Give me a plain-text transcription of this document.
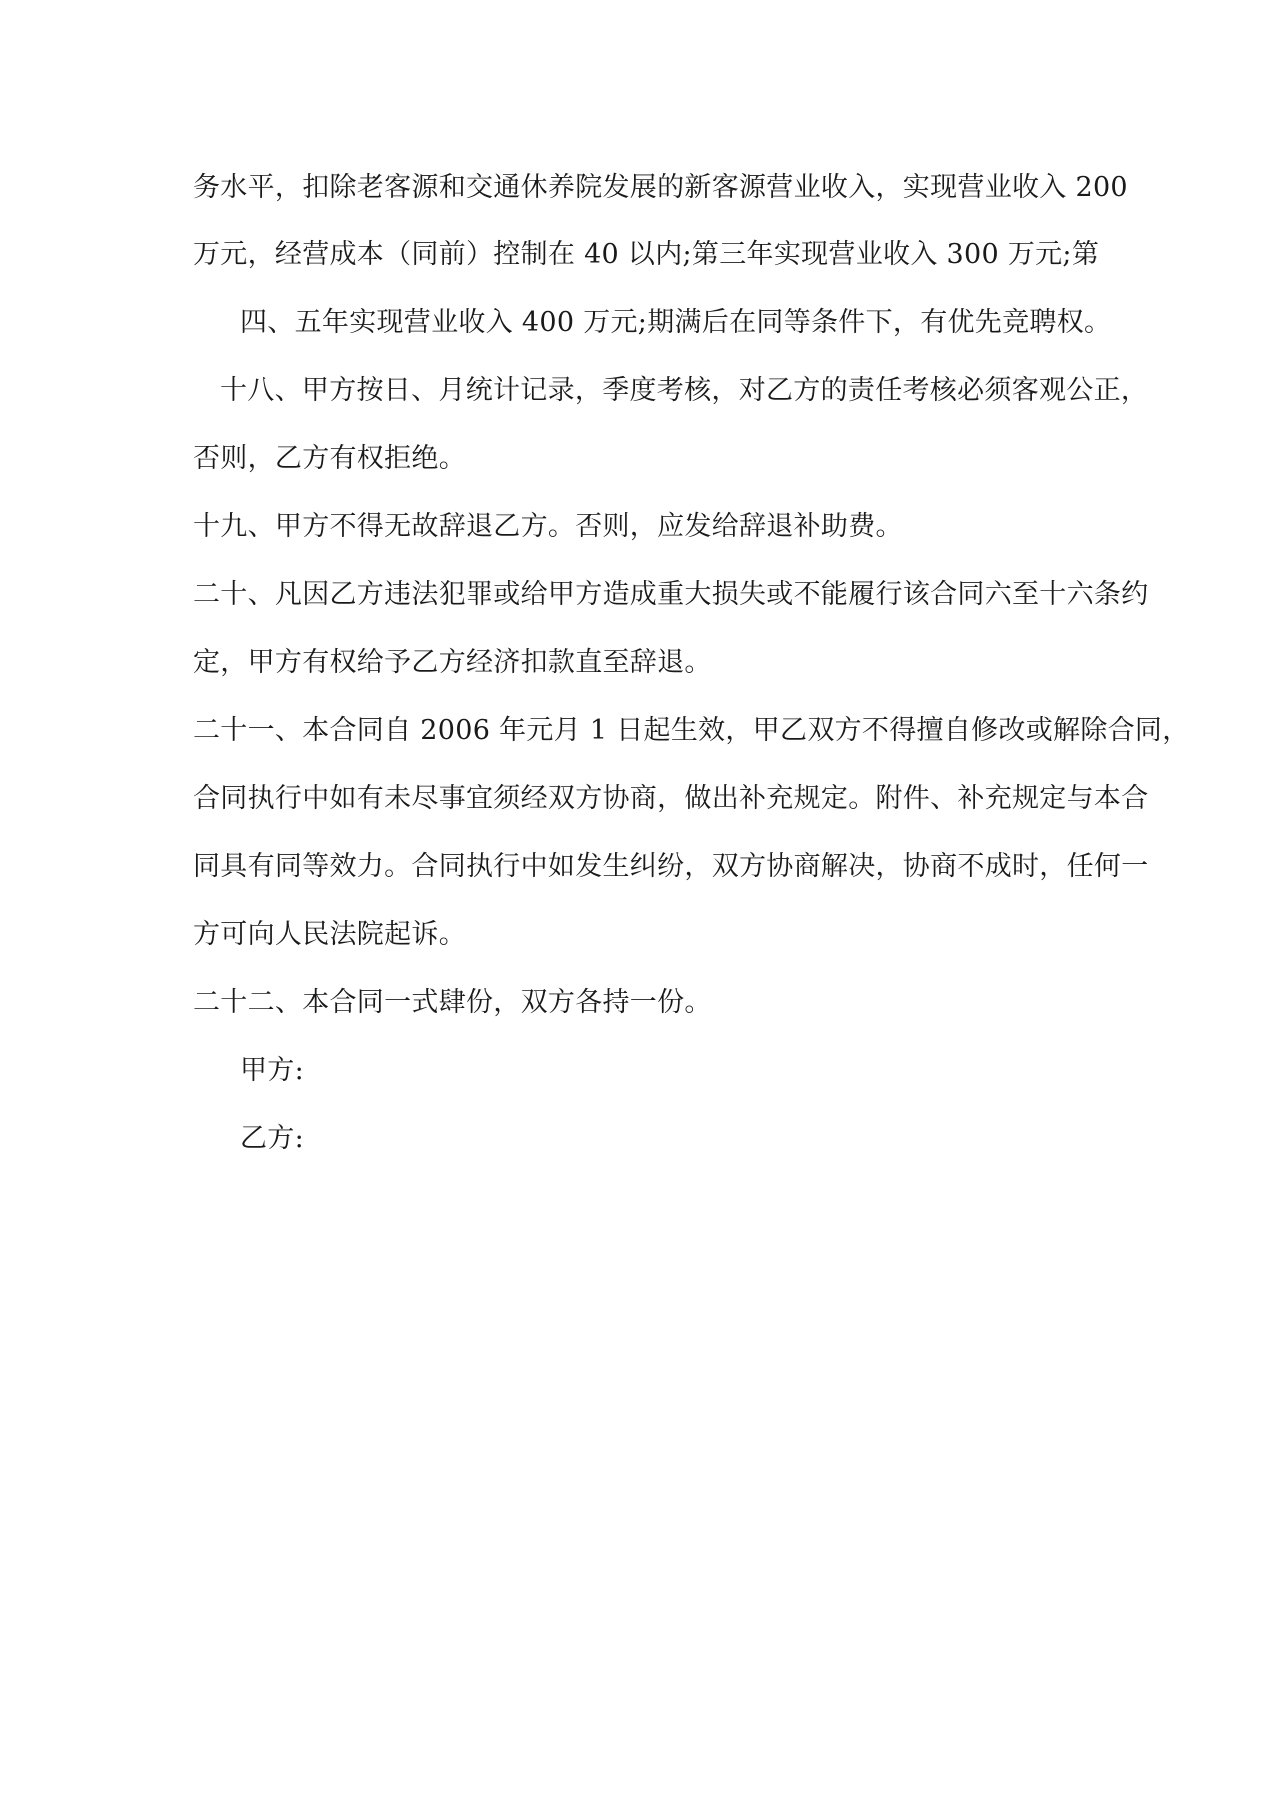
务水平，扣除老客源和交通休养院发展的新客源营业收入，实现营业收入 200
万元，经营成本（同前）控制在 40 以内;第三年实现营业收入 300 万元;第
四、五年实现营业收入 400 万元;期满后在同等条件下，有优先竞聘权。
十八、甲方按日、月统计记录，季度考核，对乙方的责任考核必须客观公正，
否则，乙方有权拒绝。
十九、甲方不得无故辞退乙方。否则，应发给辞退补助费。
二十、凡因乙方违法犯罪或给甲方造成重大损失或不能履行该合同六至十六条约
定，甲方有权给予乙方经济扣款直至辞退。
二十一、本合同自 2006 年元月 1 日起生效，甲乙双方不得擅自修改或解除合同，
合同执行中如有未尽事宜须经双方协商，做出补充规定。附件、补充规定与本合
同具有同等效力。合同执行中如发生纠纷，双方协商解决，协商不成时，任何一
方可向人民法院起诉。
二十二、本合同一式肆份，双方各持一份。
甲方:
乙方:
